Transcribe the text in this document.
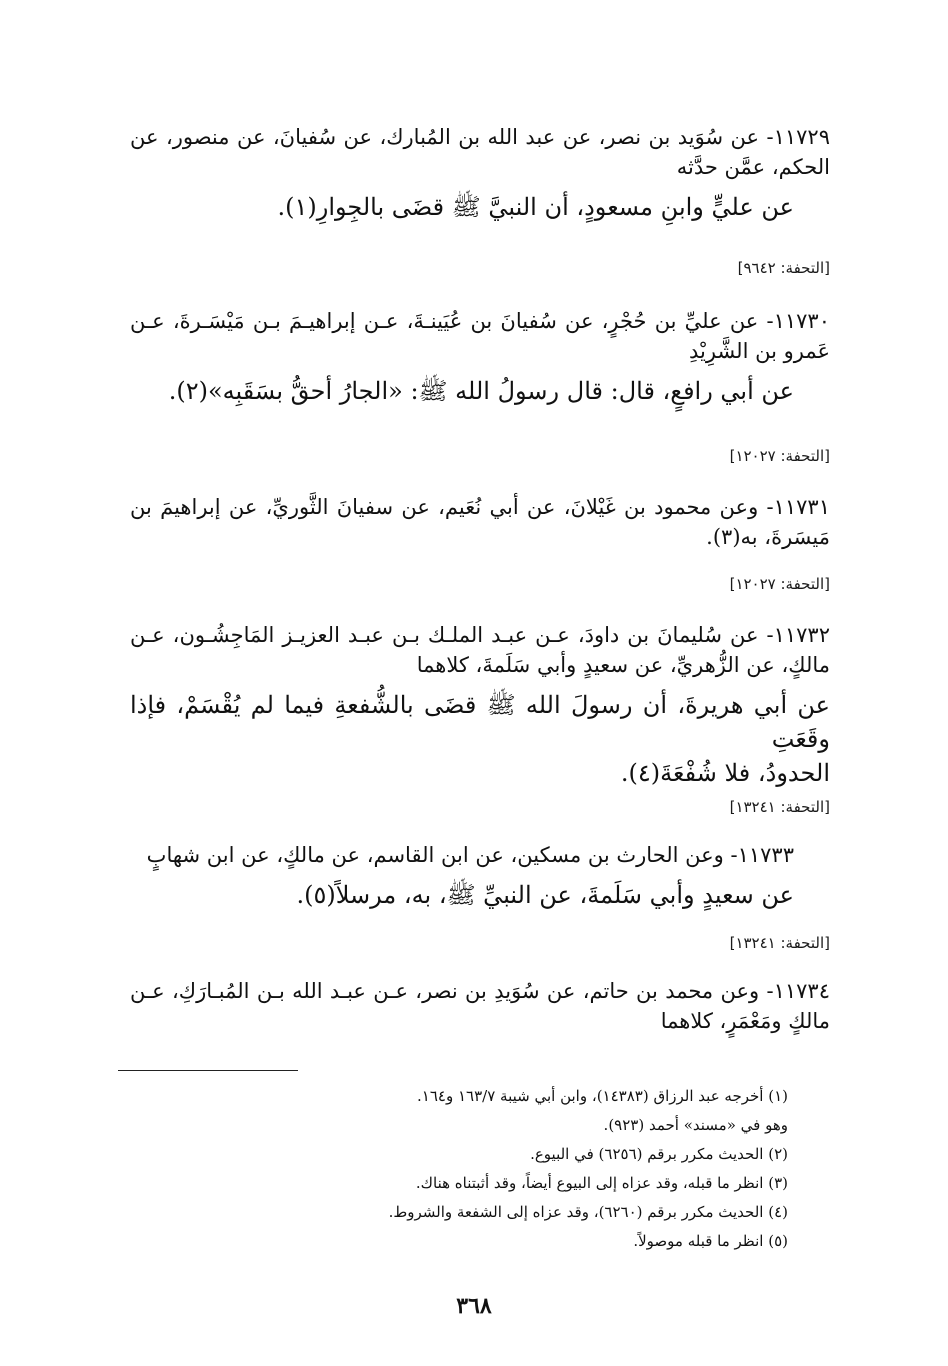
١١٧٢٩- عن سُوَيد بن نصر، عن عبد الله بن المُبارك، عن سُفيانَ، عن منصور، عن
الحكم، عمَّن حدَّثه
عن عليٍّ وابنِ مسعودٍ، أن النبيَّ ﷺ قضَى بالجِوارِ(١).
[التحفة: ٩٦٤٢]
١١٧٣٠- عن عليِّ بن حُجْرٍ، عن سُفيانَ بن عُيَينـةَ، عـن إبراهيـمَ بـن مَيْسَـرةَ، عـن
عَمرو بن الشَّرِيْدِ
عن أبي رافعٍ، قال: قال رسولُ الله ﷺ: «الجارُ أحقُّ بسَقَبِه»(٢).
[التحفة: ١٢٠٢٧]
١١٧٣١- وعن محمود بن غَيْلانَ، عن أبي نُعَيم، عن سفيانَ الثَّوريِّ، عن إبراهيمَ بن
مَيسَرةَ، به(٣).
[التحفة: ١٢٠٢٧]
١١٧٣٢- عن سُليمانَ بن داودَ، عـن عبـد الملـك بـن عبـد العزيـز المَاجِشُـون، عـن
مالكٍ، عن الزُّهريِّ، عن سعيدٍ وأبي سَلَمةَ، كلاهما
عن أبي هريرةَ، أن رسولَ الله ﷺ قضَى بالشُّفعةِ فيما لم يُقْسَمْ، فإذا وقَعَتِ
الحدودُ، فلا شُفْعَةَ(٤).
[التحفة: ١٣٢٤١]
١١٧٣٣- وعن الحارث بن مسكين، عن ابن القاسم، عن مالكٍ، عن ابن شهابٍ
عن سعيدٍ وأبي سَلَمةَ، عن النبيِّ ﷺ، به، مرسلاً(٥).
[التحفة: ١٣٢٤١]
١١٧٣٤- وعن محمد بن حاتم، عن سُوَيدِ بن نصر، عـن عبـد الله بـن المُبـارَكِ، عـن
مالكٍ ومَعْمَرٍ، كلاهما
(١) أخرجه عبد الرزاق (١٤٣٨٣)، وابن أبي شيبة ١٦٣/٧ و١٦٤.
وهو في «مسند» أحمد (٩٢٣).
(٢) الحديث مكرر برقم (٦٢٥٦) في البيوع.
(٣) انظر ما قبله، وقد عزاه إلى البيوع أيضاً، وقد أثبتناه هناك.
(٤) الحديث مكرر برقم (٦٢٦٠)، وقد عزاه إلى الشفعة والشروط.
(٥) انظر ما قبله موصولاً.
٣٦٨
